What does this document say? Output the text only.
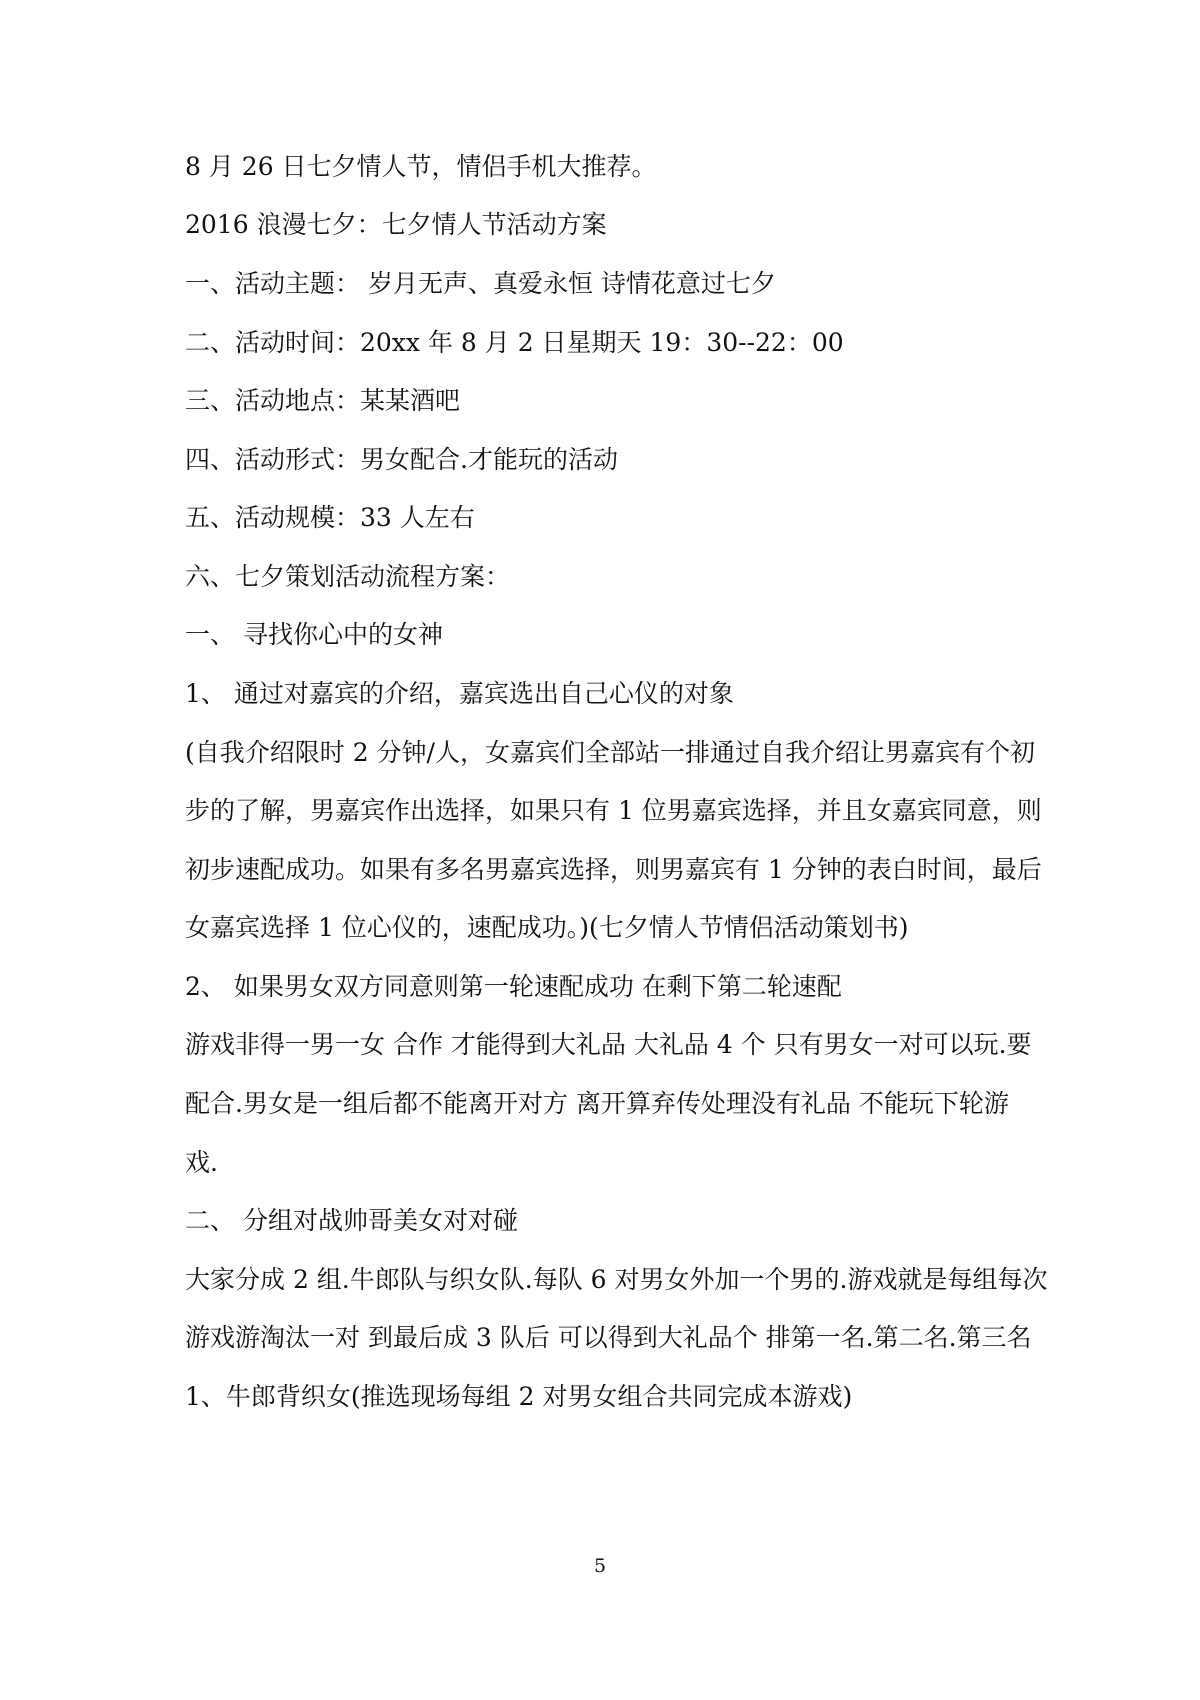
8 月 26 日七夕情人节，情侣手机大推荐。
2016 浪漫七夕：七夕情人节活动方案
一、活动主题： 岁月无声、真爱永恒 诗情花意过七夕
二、活动时间：20xx 年 8 月 2 日星期天 19：30--22：00
三、活动地点：某某酒吧
四、活动形式：男女配合.才能玩的活动
五、活动规模：33 人左右
六、七夕策划活动流程方案：
一、 寻找你心中的女神
1、 通过对嘉宾的介绍，嘉宾选出自己心仪的对象
(自我介绍限时 2 分钟/人，女嘉宾们全部站一排通过自我介绍让男嘉宾有个初
步的了解，男嘉宾作出选择，如果只有 1 位男嘉宾选择，并且女嘉宾同意，则
初步速配成功。如果有多名男嘉宾选择，则男嘉宾有 1 分钟的表白时间，最后
女嘉宾选择 1 位心仪的，速配成功。)(七夕情人节情侣活动策划书)
2、 如果男女双方同意则第一轮速配成功 在剩下第二轮速配
游戏非得一男一女 合作 才能得到大礼品 大礼品 4 个 只有男女一对可以玩.要
配合.男女是一组后都不能离开对方 离开算弃传处理没有礼品 不能玩下轮游
戏.
二、 分组对战帅哥美女对对碰
大家分成 2 组.牛郎队与织女队.每队 6 对男女外加一个男的.游戏就是每组每次
游戏游淘汰一对 到最后成 3 队后 可以得到大礼品个 排第一名.第二名.第三名
1、牛郎背织女(推选现场每组 2 对男女组合共同完成本游戏)
5
